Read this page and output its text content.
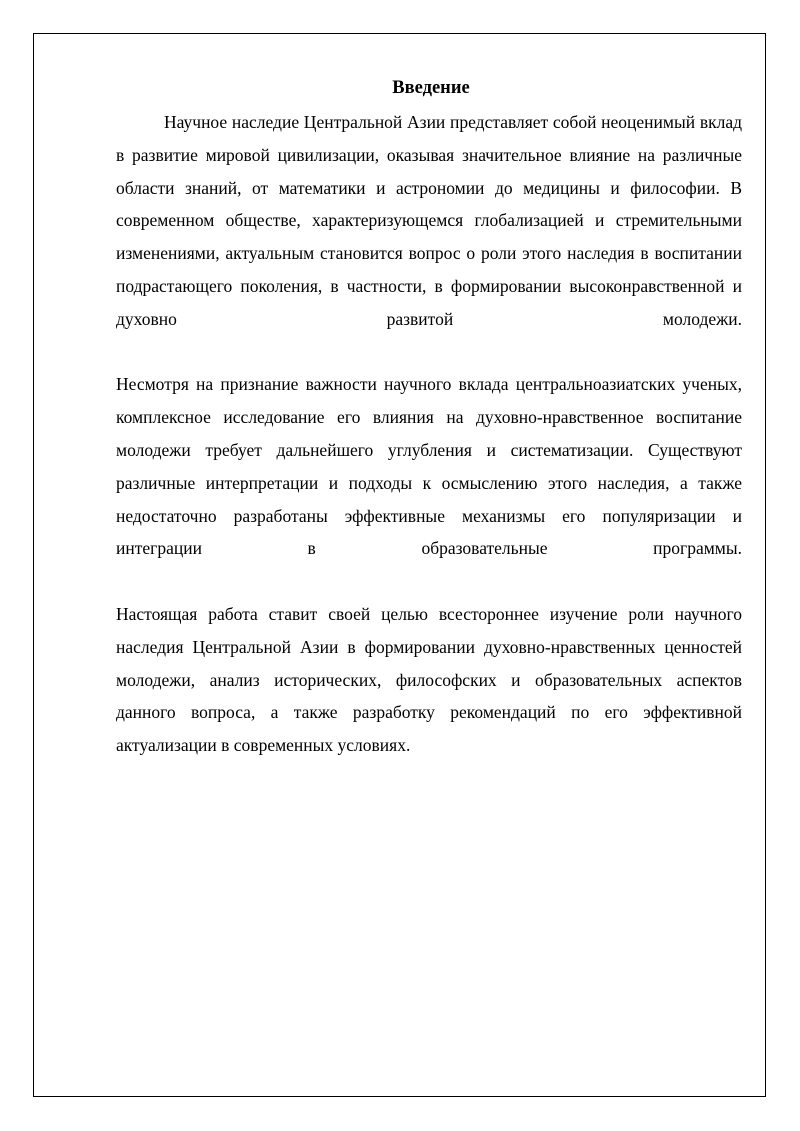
Введение

Научное наследие Центральной Азии представляет собой неоценимый вклад в развитие мировой цивилизации, оказывая значительное влияние на различные области знаний, от математики и астрономии до медицины и философии. В современном обществе, характеризующемся глобализацией и стремительными изменениями, актуальным становится вопрос о роли этого наследия в воспитании подрастающего поколения, в частности, в формировании высоконравственной и духовно развитой молодежи.

Несмотря на признание важности научного вклада центральноазиатских ученых, комплексное исследование его влияния на духовно-нравственное воспитание молодежи требует дальнейшего углубления и систематизации. Существуют различные интерпретации и подходы к осмыслению этого наследия, а также недостаточно разработаны эффективные механизмы его популяризации и интеграции в образовательные программы.

Настоящая работа ставит своей целью всестороннее изучение роли научного наследия Центральной Азии в формировании духовно-нравственных ценностей молодежи, анализ исторических, философских и образовательных аспектов данного вопроса, а также разработку рекомендаций по его эффективной актуализации в современных условиях.
